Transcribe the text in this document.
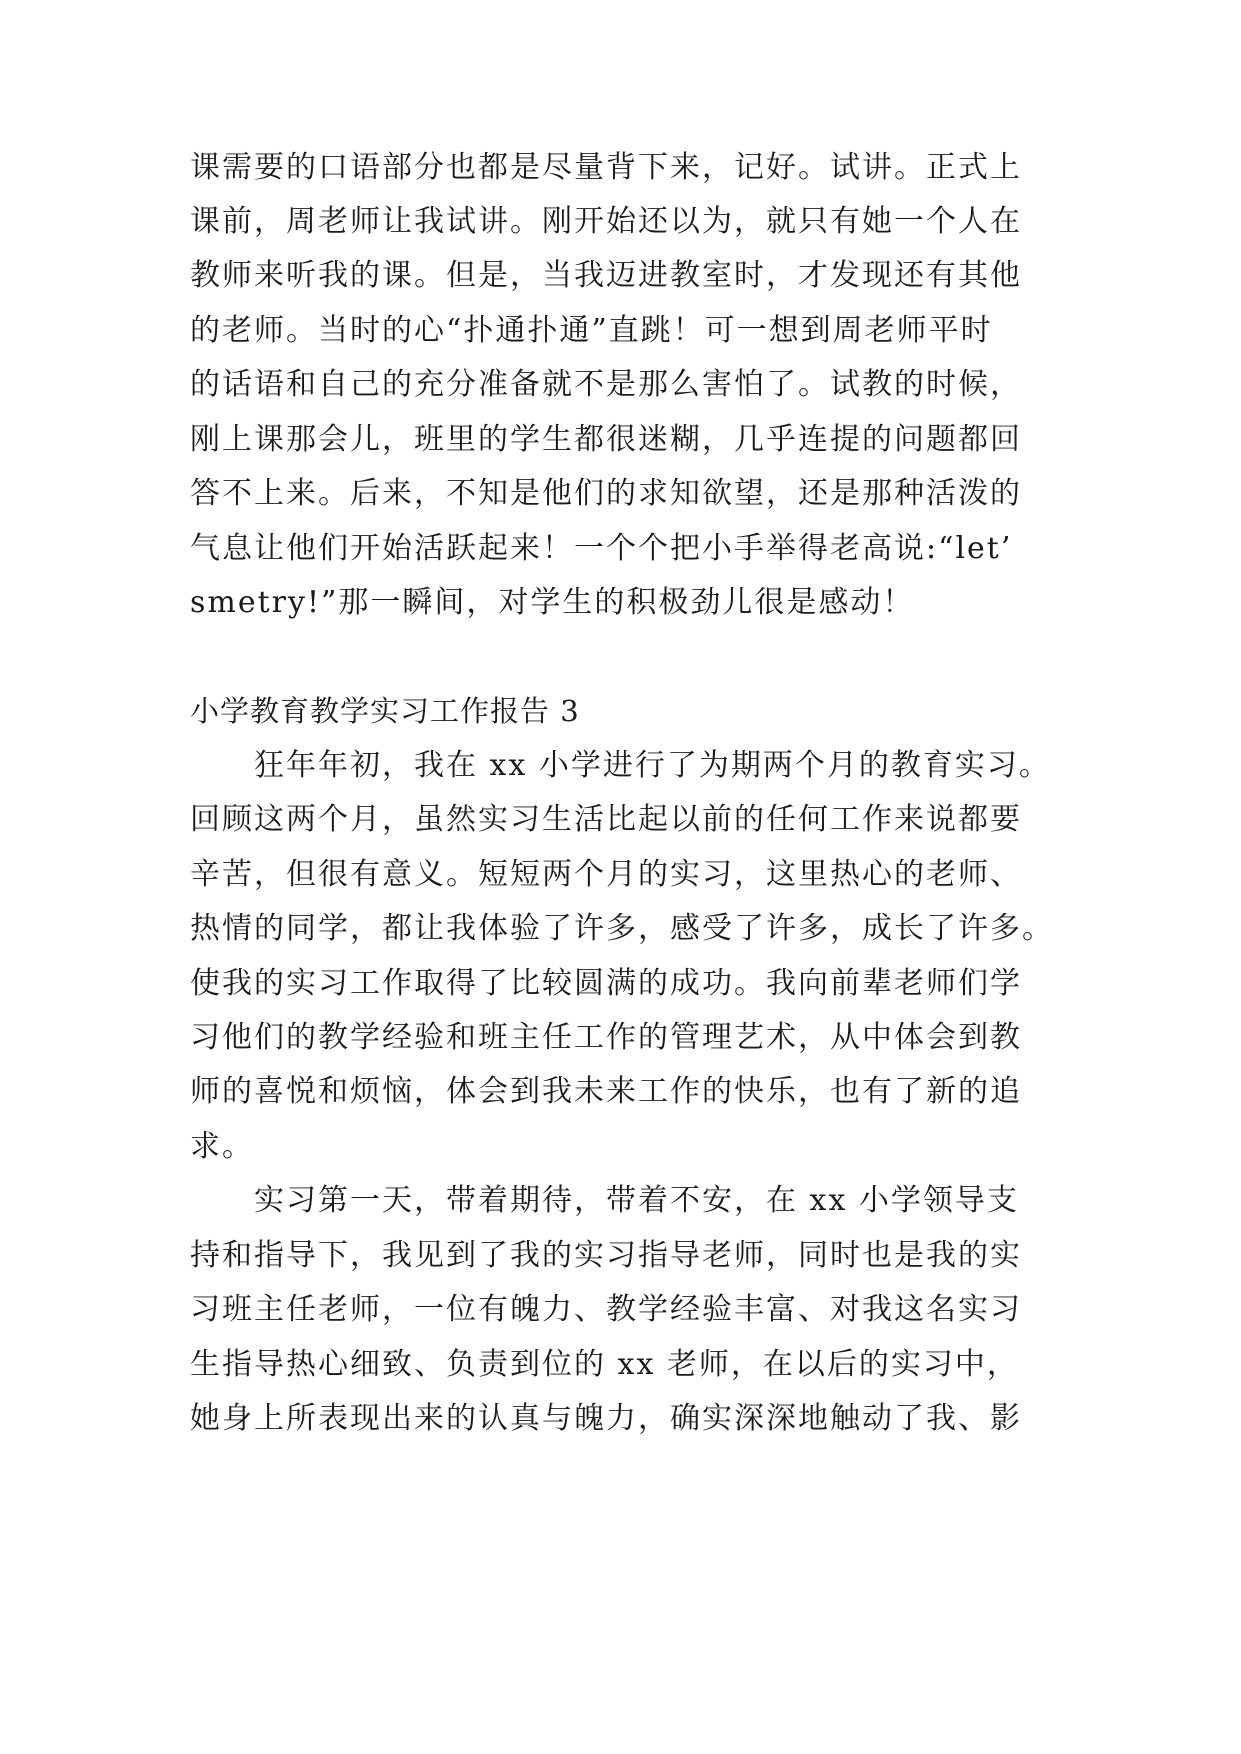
课需要的口语部分也都是尽量背下来，记好。试讲。正式上
课前，周老师让我试讲。刚开始还以为，就只有她一个人在
教师来听我的课。但是，当我迈进教室时，才发现还有其他
的老师。当时的心“扑通扑通”直跳！可一想到周老师平时
的话语和自己的充分准备就不是那么害怕了。试教的时候，
刚上课那会儿，班里的学生都很迷糊，几乎连提的问题都回
答不上来。后来，不知是他们的求知欲望，还是那种活泼的
气息让他们开始活跃起来！一个个把小手举得老高说:“let’
smetry!”那一瞬间，对学生的积极劲儿很是感动！
小学教育教学实习工作报告 3
　　狂年年初，我在 xx 小学进行了为期两个月的教育实习。
回顾这两个月，虽然实习生活比起以前的任何工作来说都要
辛苦，但很有意义。短短两个月的实习，这里热心的老师、
热情的同学，都让我体验了许多，感受了许多，成长了许多。
使我的实习工作取得了比较圆满的成功。我向前辈老师们学
习他们的教学经验和班主任工作的管理艺术，从中体会到教
师的喜悦和烦恼，体会到我未来工作的快乐，也有了新的追
求。
　　实习第一天，带着期待，带着不安，在 xx 小学领导支
持和指导下，我见到了我的实习指导老师，同时也是我的实
习班主任老师，一位有魄力、教学经验丰富、对我这名实习
生指导热心细致、负责到位的 xx 老师，在以后的实习中，
她身上所表现出来的认真与魄力，确实深深地触动了我、影
